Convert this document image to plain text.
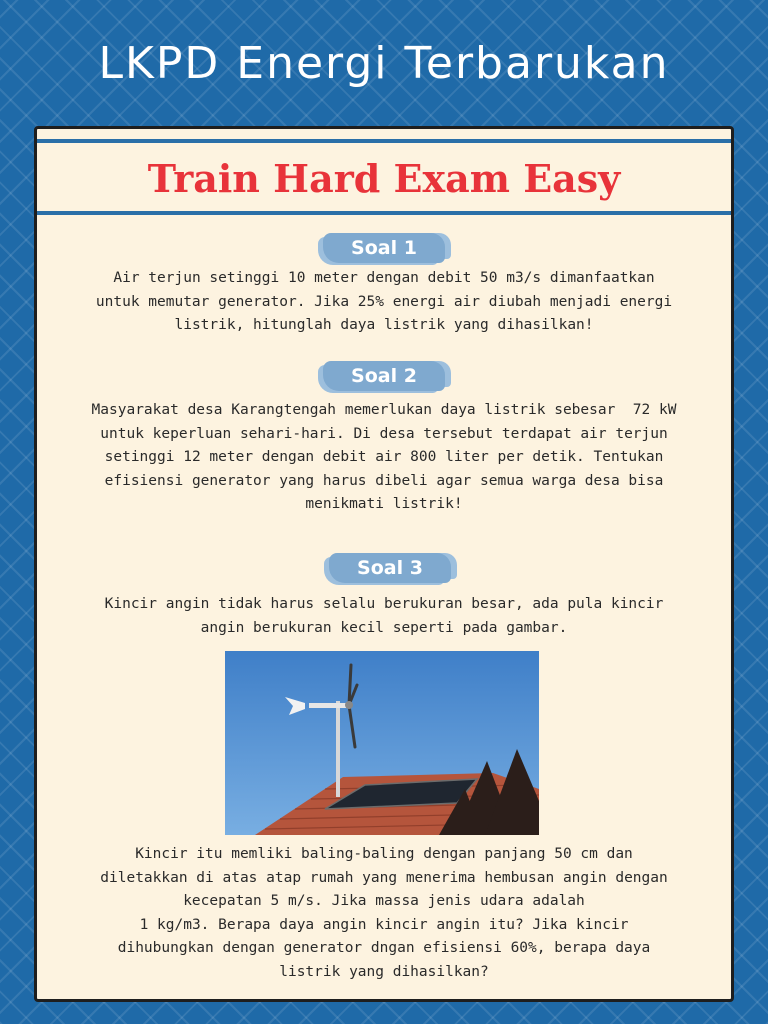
LKPD Energi Terbarukan
Train Hard Exam Easy
Soal 1
Air terjun setinggi 10 meter dengan debit 50 m3/s dimanfaatkan
untuk memutar generator. Jika 25% energi air diubah menjadi energi
listrik, hitunglah daya listrik yang dihasilkan!
Soal 2
Masyarakat desa Karangtengah memerlukan daya listrik sebesar  72 kW
untuk keperluan sehari-hari. Di desa tersebut terdapat air terjun
setinggi 12 meter dengan debit air 800 liter per detik. Tentukan
efisiensi generator yang harus dibeli agar semua warga desa bisa
menikmati listrik!
Soal 3
Kincir angin tidak harus selalu berukuran besar, ada pula kincir
angin berukuran kecil seperti pada gambar.
Kincir itu memliki baling-baling dengan panjang 50 cm dan
diletakkan di atas atap rumah yang menerima hembusan angin dengan
kecepatan 5 m/s. Jika massa jenis udara adalah
1 kg/m3. Berapa daya angin kincir angin itu? Jika kincir
dihubungkan dengan generator dngan efisiensi 60%, berapa daya
listrik yang dihasilkan?
